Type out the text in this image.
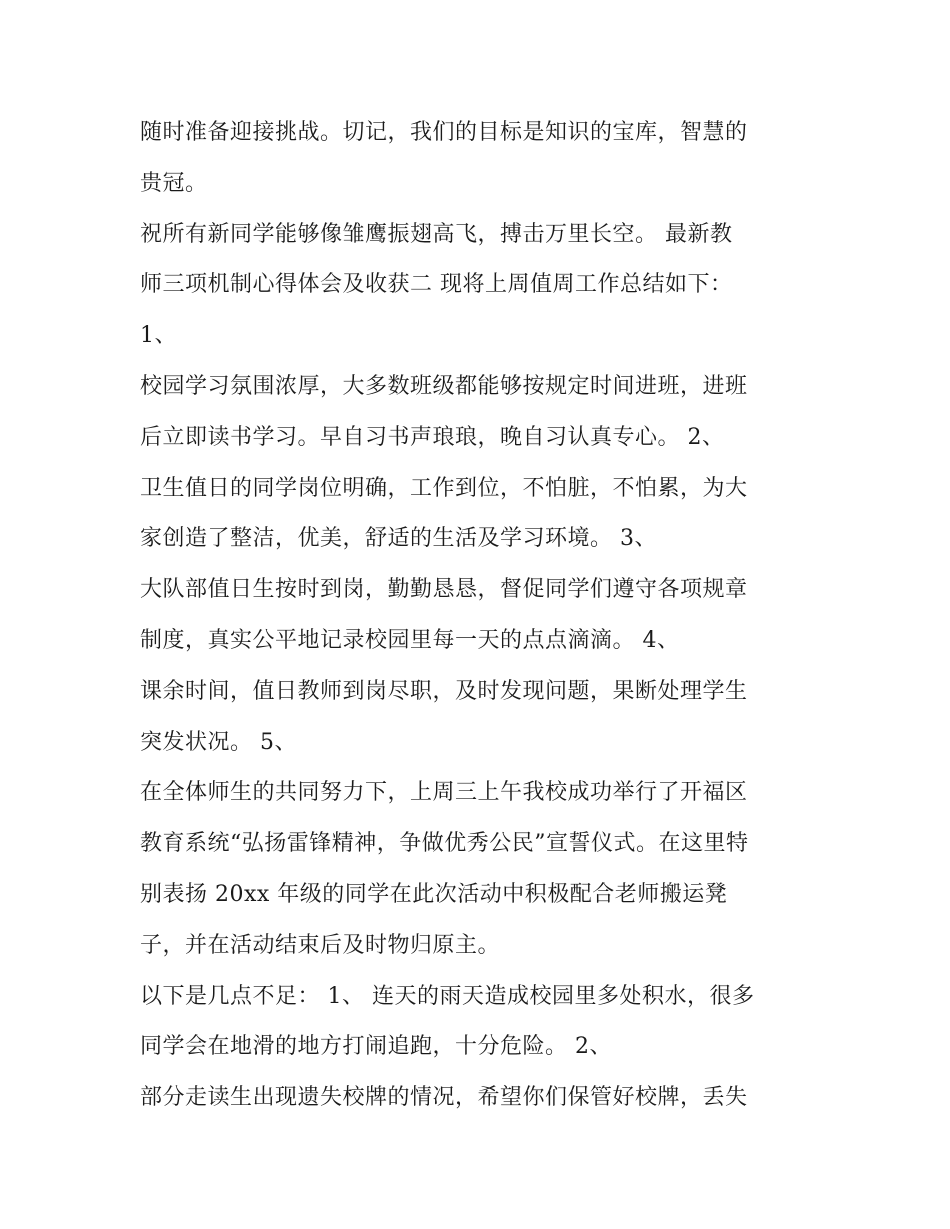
随时准备迎接挑战。切记，我们的目标是知识的宝库，智慧的
贵冠。
祝所有新同学能够像雏鹰振翅高飞，搏击万里长空。 最新教
师三项机制心得体会及收获二 现将上周值周工作总结如下：
1、
校园学习氛围浓厚，大多数班级都能够按规定时间进班，进班
后立即读书学习。早自习书声琅琅，晚自习认真专心。 2、
卫生值日的同学岗位明确，工作到位，不怕脏，不怕累，为大
家创造了整洁，优美，舒适的生活及学习环境。 3、
大队部值日生按时到岗，勤勤恳恳，督促同学们遵守各项规章
制度，真实公平地记录校园里每一天的点点滴滴。 4、
课余时间，值日教师到岗尽职，及时发现问题，果断处理学生
突发状况。 5、
在全体师生的共同努力下，上周三上午我校成功举行了开福区
教育系统“弘扬雷锋精神，争做优秀公民”宣誓仪式。在这里特
别表扬 20xx 年级的同学在此次活动中积极配合老师搬运凳
子，并在活动结束后及时物归原主。
以下是几点不足： 1、 连天的雨天造成校园里多处积水，很多
同学会在地滑的地方打闹追跑，十分危险。 2、
部分走读生出现遗失校牌的情况，希望你们保管好校牌，丢失
